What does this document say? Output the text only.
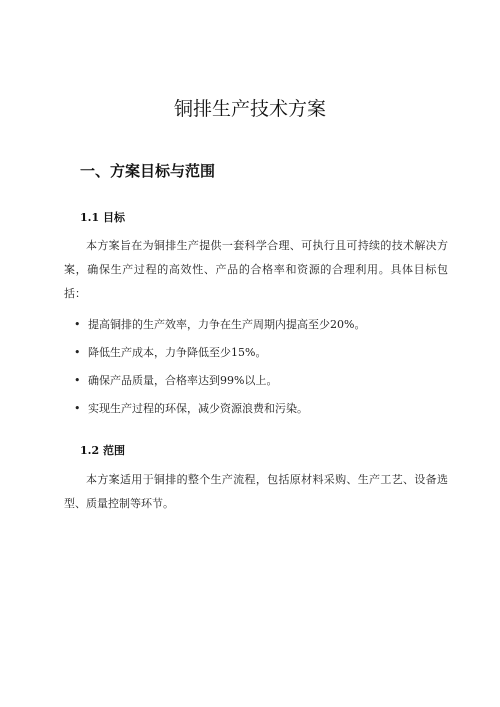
铜排生产技术方案
一、方案目标与范围
1.1 目标

本方案旨在为铜排生产提供一套科学合理、可执行且可持续的技术解决方案，确保生产过程的高效性、产品的合格率和资源的合理利用。具体目标包括：

• 提高铜排的生产效率，力争在生产周期内提高至少20%。
• 降低生产成本，力争降低至少15%。
• 确保产品质量，合格率达到99%以上。
• 实现生产过程的环保，减少资源浪费和污染。
1.2 范围

本方案适用于铜排的整个生产流程，包括原材料采购、生产工艺、设备选型、质量控制等环节。
